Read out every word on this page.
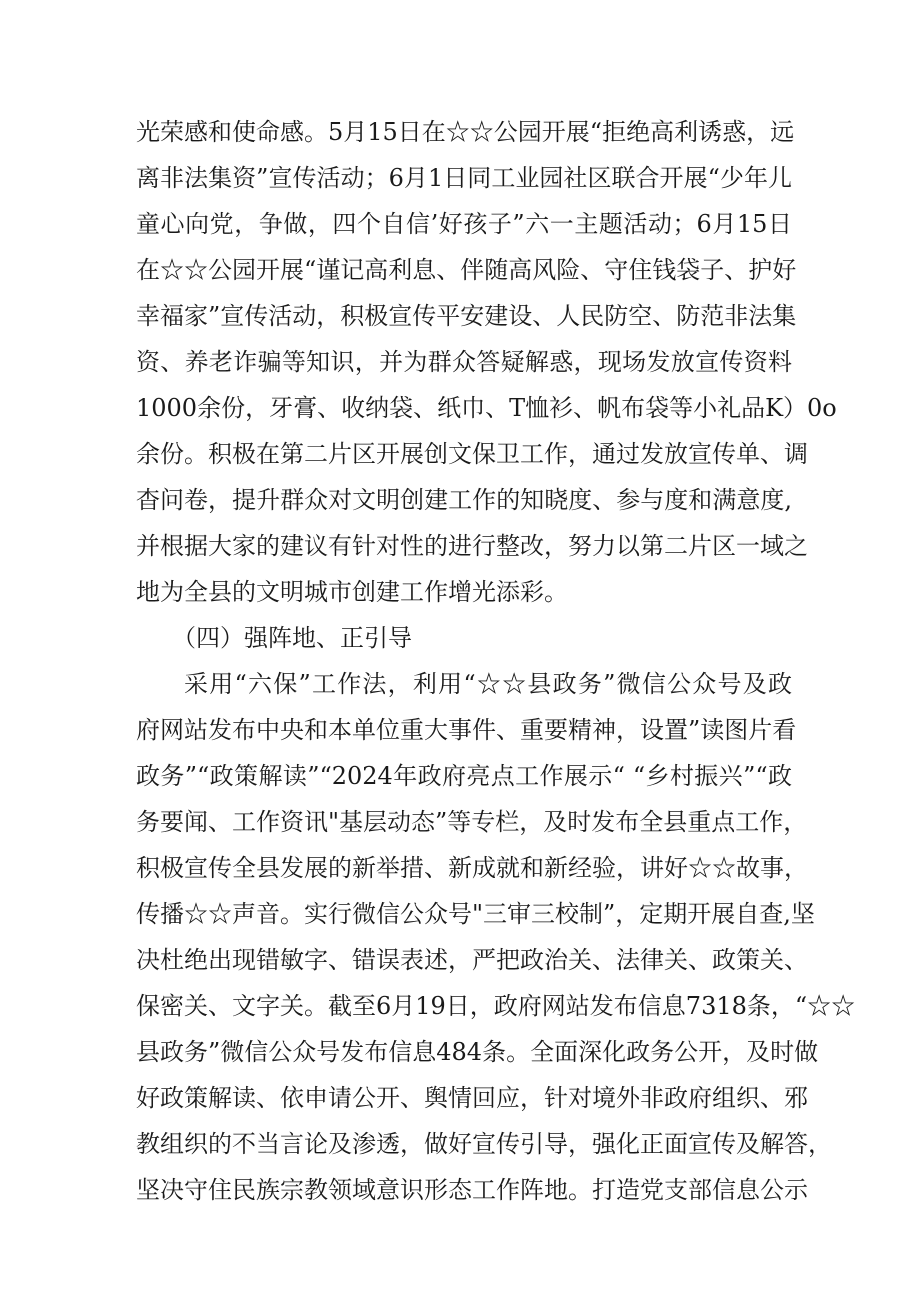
光荣感和使命感。5月15日在☆☆公园开展“拒绝高利诱惑，远
离非法集资”宣传活动；6月1日同工业园社区联合开展“少年儿
童心向党，争做，四个自信’好孩子”六一主题活动；6月15日
在☆☆公园开展“谨记高利息、伴随高风险、守住钱袋子、护好
幸福家”宣传活动，积极宣传平安建设、人民防空、防范非法集
资、养老诈骗等知识，并为群众答疑解惑，现场发放宣传资料
1000余份，牙膏、收纳袋、纸巾、T恤衫、帆布袋等小礼品K）0o
余份。积极在第二片区开展创文保卫工作，通过发放宣传单、调
杳问卷，提升群众对文明创建工作的知晓度、参与度和满意度,
并根据大家的建议有针对性的进行整改，努力以第二片区一域之
地为全县的文明城市创建工作增光添彩。
（四）强阵地、正引导
采用“六保”工作法，利用“☆☆县政务”微信公众号及政
府网站发布中央和本单位重大事件、重要精神，设置”读图片看
政务”“政策解读”“2024年政府亮点工作展示“ “乡村振兴”“政
务要闻、工作资讯"基层动态”等专栏，及时发布全县重点工作，
积极宣传全县发展的新举措、新成就和新经验，讲好☆☆故事，
传播☆☆声音。实行微信公众号"三审三校制”，定期开展自查,坚
决杜绝出现错敏字、错误表述，严把政治关、法律关、政策关、
保密关、文字关。截至6月19日，政府网站发布信息7318条，“☆☆
县政务”微信公众号发布信息484条。全面深化政务公开，及时做
好政策解读、依申请公开、舆情回应，针对境外非政府组织、邪
教组织的不当言论及渗透，做好宣传引导，强化正面宣传及解答，
坚决守住民族宗教领域意识形态工作阵地。打造党支部信息公示
